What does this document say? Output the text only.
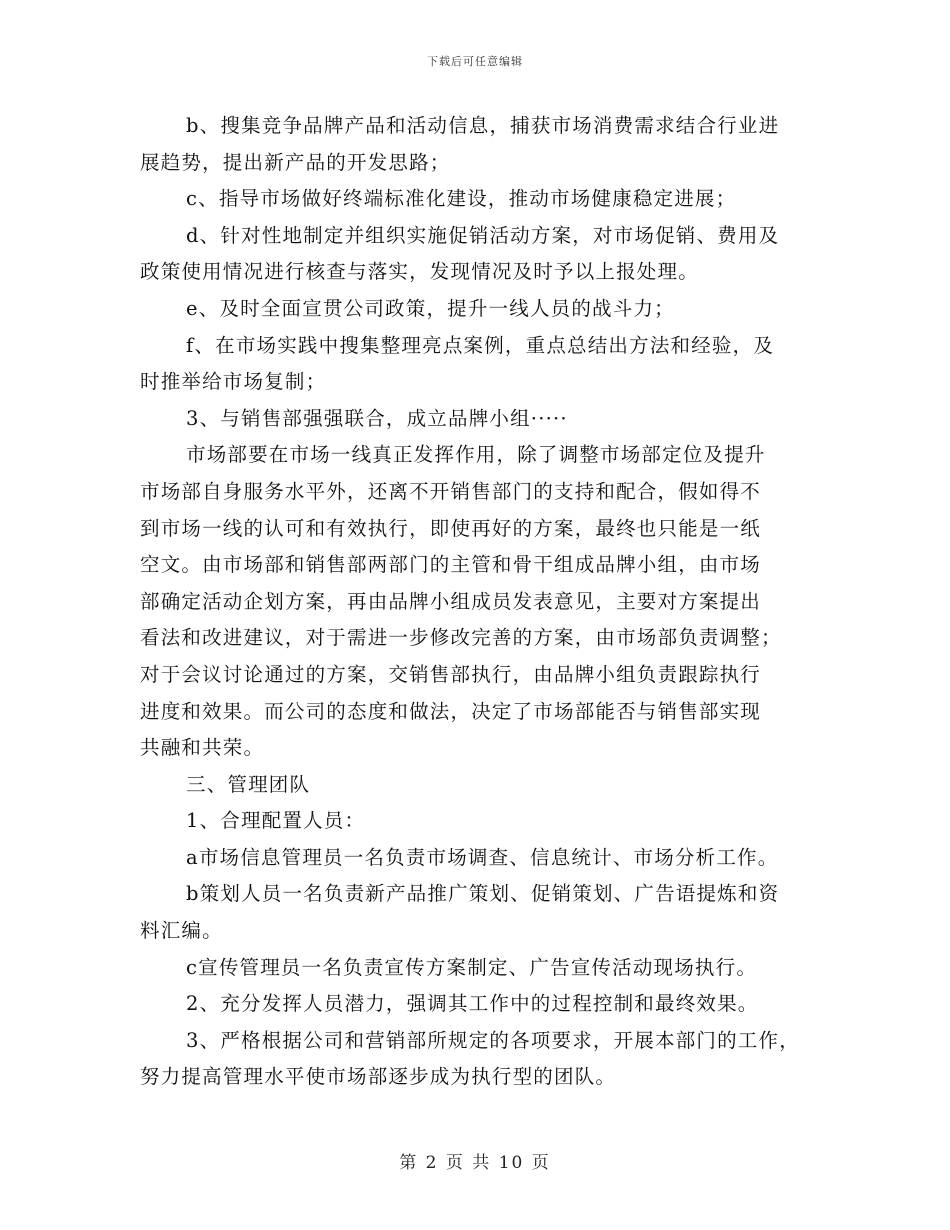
下载后可任意编辑
b、搜集竞争品牌产品和活动信息，捕获市场消费需求结合行业进
展趋势，提出新产品的开发思路；
c、指导市场做好终端标准化建设，推动市场健康稳定进展；
d、针对性地制定并组织实施促销活动方案，对市场促销、费用及
政策使用情况进行核查与落实，发现情况及时予以上报处理。
e、及时全面宣贯公司政策，提升一线人员的战斗力；
f、在市场实践中搜集整理亮点案例，重点总结出方法和经验，及
时推举给市场复制；
3、与销售部强强联合，成立品牌小组·····
市场部要在市场一线真正发挥作用，除了调整市场部定位及提升
市场部自身服务水平外，还离不开销售部门的支持和配合，假如得不
到市场一线的认可和有效执行，即使再好的方案，最终也只能是一纸
空文。由市场部和销售部两部门的主管和骨干组成品牌小组，由市场
部确定活动企划方案，再由品牌小组成员发表意见，主要对方案提出
看法和改进建议，对于需进一步修改完善的方案，由市场部负责调整；
对于会议讨论通过的方案，交销售部执行，由品牌小组负责跟踪执行
进度和效果。而公司的态度和做法，决定了市场部能否与销售部实现
共融和共荣。
三、管理团队
1、合理配置人员：
a市场信息管理员一名负责市场调查、信息统计、市场分析工作。
b策划人员一名负责新产品推广策划、促销策划、广告语提炼和资
料汇编。
c宣传管理员一名负责宣传方案制定、广告宣传活动现场执行。
2、充分发挥人员潜力，强调其工作中的过程控制和最终效果。
3、严格根据公司和营销部所规定的各项要求，开展本部门的工作，
努力提高管理水平使市场部逐步成为执行型的团队。
第 2 页 共 10 页
